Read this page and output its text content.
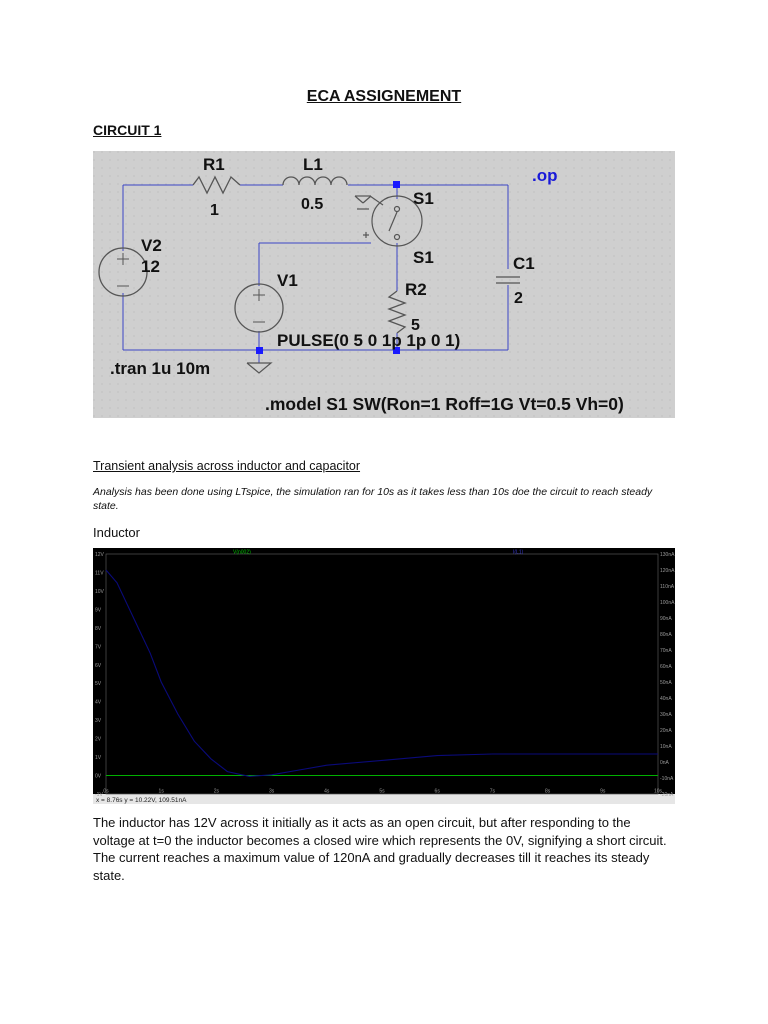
ECA ASSIGNEMENT
CIRCUIT 1
R1
1
L1
0.5	S1
S1
V2
12
V1
C1
2
R2
5
.op
PULSE(0 5 0 1p 1p 0 1)
.tran 1u 10m
.model S1 SW(Ron=1 Roff=1G Vt=0.5 Vh=0)
Transient analysis across inductor and capacitor
Analysis has been done using LTspice, the simulation ran for 10s as it takes less than 10s doe the circuit to reach steady state.
Inductor
x = 8.76s y = 10.22V, 109.51nA
0s	1s	2s	3s	4s	5s	6s	7s	8s	9s	10s
-1V
0V
1V
2V
3V
4V
5V
6V
7V
8V
9V
10V
11V
12V
-20nA
-10nA
0nA
10nA
20nA
30nA
40nA
50nA
60nA
70nA
80nA
90nA
100nA
110nA
120nA
130nA
V(n002)	I(L1)
The inductor has 12V across it initially as it acts as an open circuit, but after responding to the voltage at t=0 the inductor becomes a closed wire which represents the 0V, signifying a short circuit. The current reaches a maximum value of 120nA and gradually decreases till it reaches its steady state.
